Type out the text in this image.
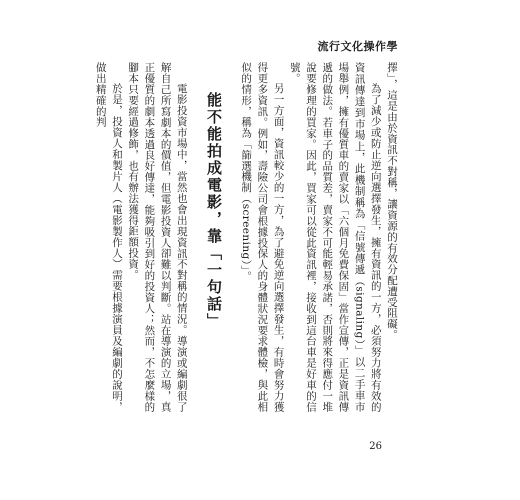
流行文化操作學

擇」，這是由於資訊不對稱，讓資源的有效分配遭受阻礙。

為了減少或防止逆向選擇發生，擁有資訊的一方，必須努力將有效的資訊傳達到市場上，此機制稱為「信號傳遞（signaling）」以二手車市場舉例，擁有優質車的賣家以「六個月免費保固」當作宣傳，正是資訊傳遞的做法。若車子的品質差，賣家不可能輕易承諾，否則將來得應付一堆說要修理的買家。因此，買家可以從此資訊裡，接收到這台車是好車的信號。

另一方面，資訊較少的一方，為了避免逆向選擇發生，有時會努力獲得更多資訊。例如，壽險公司會根據投保人的身體狀況要求體檢，與此相似的情形，稱為「篩選機制（screening）」。

能不能拍成電影，靠「一句話」

電影投資市場中，當然也會出現資訊不對稱的情況。導演或編劇很了解自己所寫劇本的價值，但電影投資人卻難以判斷。站在導演的立場，真正優質的劇本透過良好傳達，能夠吸引到好的投資人；然而，不怎麼樣的腳本只要經過修飾，也有辦法獲得鉅額投資。

於是，投資人和製片人（電影製作人）需要根據演員及編劇的說明，做出精確的判

26
